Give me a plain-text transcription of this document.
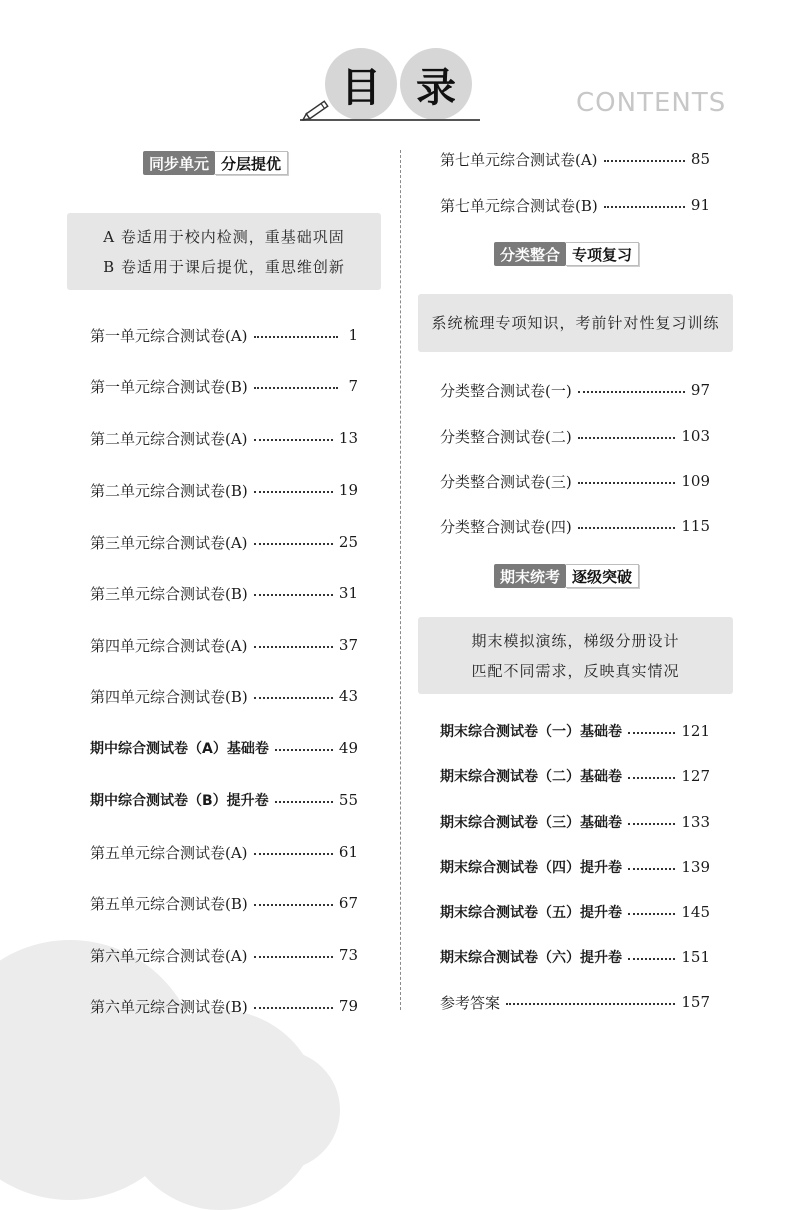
目 录	CONTENTS
同步单元 分层提优
A 卷适用于校内检测，重基础巩固
B 卷适用于课后提优，重思维创新
第一单元综合测试卷(A)	1
第一单元综合测试卷(B)	7
第二单元综合测试卷(A)	13
第二单元综合测试卷(B)	19
第三单元综合测试卷(A)	25
第三单元综合测试卷(B)	31
第四单元综合测试卷(A)	37
第四单元综合测试卷(B)	43
期中综合测试卷（A）基础卷	49
期中综合测试卷（B）提升卷	55
第五单元综合测试卷(A)	61
第五单元综合测试卷(B)	67
第六单元综合测试卷(A)	73
第六单元综合测试卷(B)	79
第七单元综合测试卷(A)	85
第七单元综合测试卷(B)	91
分类整合 专项复习
系统梳理专项知识，考前针对性复习训练
分类整合测试卷(一)	97
分类整合测试卷(二)	103
分类整合测试卷(三)	109
分类整合测试卷(四)	115
期末统考 逐级突破
期末模拟演练，梯级分册设计
匹配不同需求，反映真实情况
期末综合测试卷（一）基础卷	121
期末综合测试卷（二）基础卷	127
期末综合测试卷（三）基础卷	133
期末综合测试卷（四）提升卷	139
期末综合测试卷（五）提升卷	145
期末综合测试卷（六）提升卷	151
参考答案	157
